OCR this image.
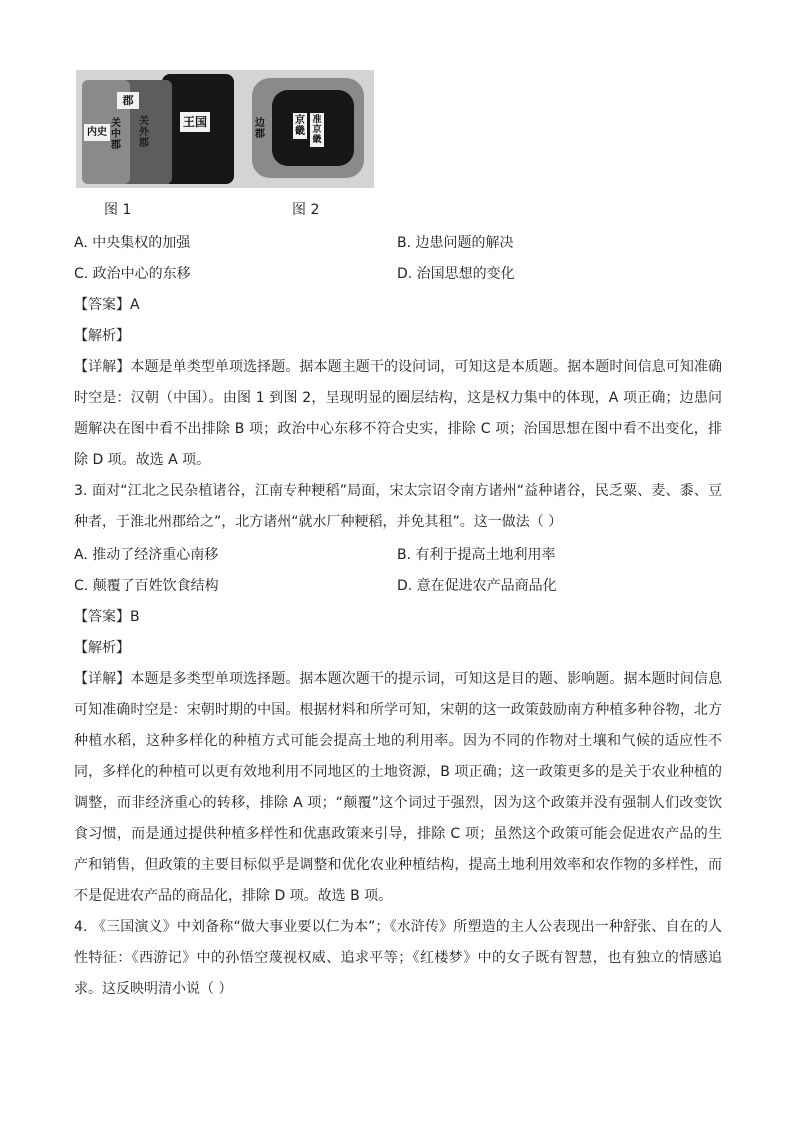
郡
内史
关中郡
关外郡
王国	边郡
京畿
准京畿
图 1	图 2
A. 中央集权的加强	B. 边患问题的解决
C. 政治中心的东移	D. 治国思想的变化
【答案】A
【解析】
【详解】本题是单类型单项选择题。据本题主题干的设问词，可知这是本质题。据本题时间信息可知准确时空是：汉朝（中国）。由图 1 到图 2，呈现明显的圈层结构，这是权力集中的体现，A 项正确；边患问题解决在图中看不出排除 B 项；政治中心东移不符合史实，排除 C 项；治国思想在图中看不出变化，排除 D 项。故选 A 项。
3. 面对“江北之民杂植诸谷，江南专种粳稻”局面，宋太宗诏令南方诸州“益种诸谷，民乏粟、麦、黍、豆种者，于淮北州郡给之”，北方诸州“就水厂种粳稻，并免其租”。这一做法（ ）
A. 推动了经济重心南移	B. 有利于提高土地利用率
C. 颠覆了百姓饮食结构	D. 意在促进农产品商品化
【答案】B
【解析】
【详解】本题是多类型单项选择题。据本题次题干的提示词，可知这是目的题、影响题。据本题时间信息可知准确时空是：宋朝时期的中国。根据材料和所学可知，宋朝的这一政策鼓励南方种植多种谷物，北方种植水稻，这种多样化的种植方式可能会提高土地的利用率。因为不同的作物对土壤和气候的适应性不同，多样化的种植可以更有效地利用不同地区的土地资源，B 项正确；这一政策更多的是关于农业种植的调整，而非经济重心的转移，排除 A 项；“颠覆”这个词过于强烈，因为这个政策并没有强制人们改变饮食习惯，而是通过提供种植多样性和优惠政策来引导，排除 C 项；虽然这个政策可能会促进农产品的生产和销售，但政策的主要目标似乎是调整和优化农业种植结构，提高土地利用效率和农作物的多样性，而不是促进农产品的商品化，排除 D 项。故选 B 项。
4. 《三国演义》中刘备称“做大事业要以仁为本”；《水浒传》所塑造的主人公表现出一种舒张、自在的人性特征：《西游记》中的孙悟空蔑视权威、追求平等；《红楼梦》中的女子既有智慧，也有独立的情感追求。这反映明清小说（ ）
